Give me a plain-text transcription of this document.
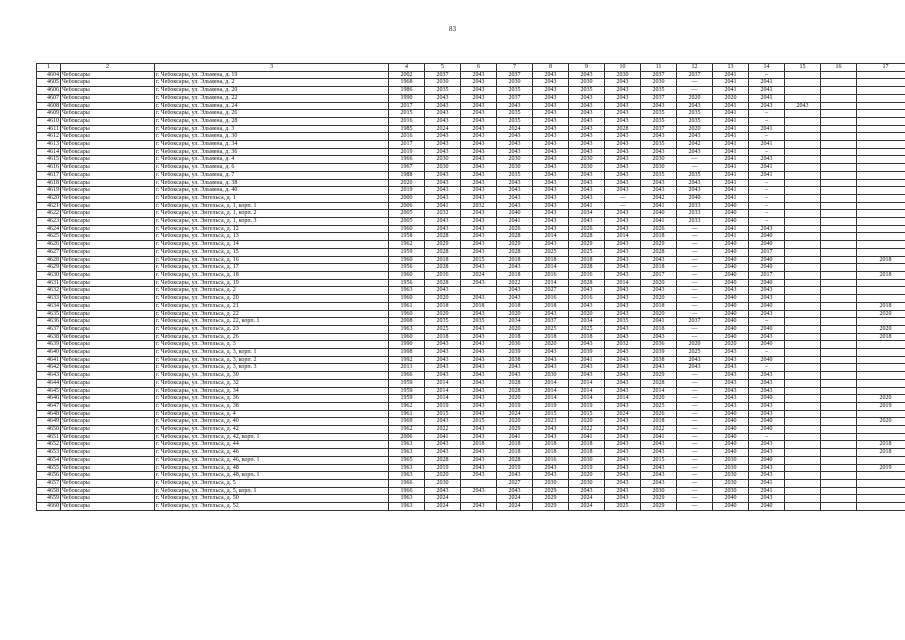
83
1	2	3	4	5	6	7	8	9	10	11	12	13	14	15	16	17
4604	Чебоксары	г. Чебоксары, ул. Эльмена, д. 19	2002	2037	2043	2037	2043	2043	2030	2037	2037	2041	–			
4605	Чебоксары	г. Чебоксары, ул. Эльмена, д. 2	1968	2030	2043	2030	2043	2030	2043	2030	—	2041	2041			
4606	Чебоксары	г. Чебоксары, ул. Эльмена, д. 20	1986	2035	2043	2035	2043	2035	2043	2035	—	2041	2041			
4607	Чебоксары	г. Чебоксары, ул. Эльмена, д. 22	1990	2043	2043	2037	2043	2043	2043	2037	2020	2020	2041			
4608	Чебоксары	г. Чебоксары, ул. Эльмена, д. 24	2017	2043	2043	2043	2043	2043	2043	2043	2043	2041	2043	2043		
4609	Чебоксары	г. Чебоксары, ул. Эльмена, д. 26	2015	2043	2043	2035	2043	2043	2043	2035	2035	2041	–			
4610	Чебоксары	г. Чебоксары, ул. Эльмена, д. 28	2016	2043	2043	2035	2043	2043	2043	2035	2035	2041	–			
4611	Чебоксары	г. Чебоксары, ул. Эльмена, д. 3	1985	2024	2043	2024	2043	2043	2028	2037	2020	2041	2041			
4612	Чебоксары	г. Чебоксары, ул. Эльмена, д. 30	2016	2043	2043	2043	2043	2043	2043	2043	2043	2041	–			
4613	Чебоксары	г. Чебоксары, ул. Эльмена, д. 34	2017	2043	2043	2043	2043	2043	2043	2035	2042	2041	2041			
4614	Чебоксары	г. Чебоксары, ул. Эльмена, д. 36	2019	2043	2043	2043	2043	2043	2043	2043	2043	2041	–			
4615	Чебоксары	г. Чебоксары, ул. Эльмена, д. 4	1966	2030	2043	2030	2043	2030	2043	2030	—	2041	2043			
4616	Чебоксары	г. Чебоксары, ул. Эльмена, д. 6	1967	2030	2043	2030	2043	2030	2043	2030	—	2041	2041			
4617	Чебоксары	г. Чебоксары, ул. Эльмена, д. 7	1988	2043	2043	2035	2043	2043	2043	2035	2035	2041	2041			
4618	Чебоксары	г. Чебоксары, ул. Эльмена, д. 38	2020	2043	2043	2043	2043	2043	2043	2043	2043	2041	–			
4619	Чебоксары	г. Чебоксары, ул. Эльмена, д. 40	2019	2043	2043	2043	2043	2043	2043	2043	2043	2041	–			
4620	Чебоксары	г. Чебоксары, ул. Энгельса, д. 1	2000	2043	2043	2043	2043	2043	—	2042	2040	2041	–			
4621	Чебоксары	г. Чебоксары, ул. Энгельса, д. 1, корп. 1	2006	2041	2032	2043	2043	2041	—	2041	2033	2040	–			
4622	Чебоксары	г. Чебоксары, ул. Энгельса, д. 1, корп. 2	2005	2032	2043	2040	2043	2034	2043	2040	2033	2040	–			
4623	Чебоксары	г. Чебоксары, ул. Энгельса, д. 1, корп. 3	2005	2043	2043	2041	2043	2043	2043	2041	2033	2040	–			
4624	Чебоксары	г. Чебоксары, ул. Энгельса, д. 12	1960	2043	2043	2026	2043	2026	2043	2026	—	2041	2043			
4625	Чебоксары	г. Чебоксары, ул. Энгельса, д. 13	1958	2028	2043	2028	2014	2028	2014	2018	—	2041	2040			
4626	Чебоксары	г. Чебоксары, ул. Энгельса, д. 14	1962	2029	2043	2029	2043	2029	2043	2029	—	2040	2040			
4627	Чебоксары	г. Чебоксары, ул. Энгельса, д. 15	1959	2028	2043	2028	2025	2025	2043	2028	—	2040	2017			
4628	Чебоксары	г. Чебоксары, ул. Энгельса, д. 16	1960	2018	2015	2018	2018	2018	2043	2043	—	2040	2040			2018
4629	Чебоксары	г. Чебоксары, ул. Энгельса, д. 17	1956	2028	2043	2043	2014	2028	2043	2018	—	2040	2040			
4630	Чебоксары	г. Чебоксары, ул. Энгельса, д. 18	1960	2016	2024	2018	2016	2016	2043	2017	—	2040	2017			2018
4631	Чебоксары	г. Чебоксары, ул. Энгельса, д. 19	1956	2028	2043	2022	2014	2028	2014	2020	—	2040	2040			
4632	Чебоксары	г. Чебоксары, ул. Энгельса, д. 2	1963	2043		2043	2027	2043	2043	2043	—	2043	2043			
4633	Чебоксары	г. Чебоксары, ул. Энгельса, д. 20	1960	2020	2043	2043	2016	2016	2043	2020	—	2040	2043			
4634	Чебоксары	г. Чебоксары, ул. Энгельса, д. 21	1961	2018	2018	2018	2018	2043	2043	2018	—	2040	2040			2018
4635	Чебоксары	г. Чебоксары, ул. Энгельса, д. 22	1960	2020	2043	2020	2043	2020	2043	2020	—	2040	2043			2020
4636	Чебоксары	г. Чебоксары, ул. Энгельса, д. 22, корп. 1	2008	2035	2035	2034	2037	2034	2035	2041	2037	2040	–			
4637	Чебоксары	г. Чебоксары, ул. Энгельса, д. 23	1963	2025	2043	2020	2025	2025	2043	2018	—	2040	2040			2020
4638	Чебоксары	г. Чебоксары, ул. Энгельса, д. 26	1960	2018	2043	2018	2018	2018	2043	2043	—	2040	2043			2018
4639	Чебоксары	г. Чебоксары, ул. Энгельса, д. 3	1990	2043	2043	2036	2020	2043	2032	2036	2020	2020	2040			
4640	Чебоксары	г. Чебоксары, ул. Энгельса, д. 3, корп. 1	1998	2043	2043	2039	2043	2039	2043	2039	2025	2043	–			
4641	Чебоксары	г. Чебоксары, ул. Энгельса, д. 3, корп. 2	1992	2043	2043	2038	2043	2041	2043	2038	2043	2043	2040			
4642	Чебоксары	г. Чебоксары, ул. Энгельса, д. 3, корп. 3	2013	2043	2043	2043	2043	2043	2043	2043	2043	2043	–			
4643	Чебоксары	г. Чебоксары, ул. Энгельса, д. 30	1966	2043	2043	2043	2030	2043	2043	2029	—	2043	2043			
4644	Чебоксары	г. Чебоксары, ул. Энгельса, д. 32	1959	2014	2043	2028	2014	2014	2043	2028	—	2043	2043			
4645	Чебоксары	г. Чебоксары, ул. Энгельса, д. 34	1959	2014	2043	2028	2014	2014	2043	2014	—	2043	2043			
4646	Чебоксары	г. Чебоксары, ул. Энгельса, д. 36	1959	2014	2043	2020	2014	2014	2014	2020	—	2043	2040			2020
4647	Чебоксары	г. Чебоксары, ул. Энгельса, д. 38	1962	2019	2043	2019	2019	2019	2043	2025	—	2043	2043			2019
4648	Чебоксары	г. Чебоксары, ул. Энгельса, д. 4	1961	2015	2043	2024	2015	2015	2024	2026	—	2040	2043			
4649	Чебоксары	г. Чебоксары, ул. Энгельса, д. 40	1969	2043	2015	2020	2023	2020	2043	2018	—	2040	2040			2020
4650	Чебоксары	г. Чебоксары, ул. Энгельса, д. 42	1962	2022	2043	2029	2043	2022	2043	2022	—	2040	2040			
4651	Чебоксары	г. Чебоксары, ул. Энгельса, д. 42, корп. 1	2006	2041	2043	2041	2043	2041	2043	2041	—	2040	–			
4652	Чебоксары	г. Чебоксары, ул. Энгельса, д. 44	1963	2043	2018	2018	2018	2018	2043	2043	—	2040	2043			2018
4653	Чебоксары	г. Чебоксары, ул. Энгельса, д. 46	1963	2043	2043	2018	2018	2018	2043	2043	—	2040	2043			2018
4654	Чебоксары	г. Чебоксары, ул. Энгельса, д. 46, корп. 1	1965	2028	2043	2028	2016	2030	2043	2015	—	2030	2040			
4655	Чебоксары	г. Чебоксары, ул. Энгельса, д. 48	1963	2019	2043	2019	2043	2019	2043	2043	—	2030	2043			2019
4656	Чебоксары	г. Чебоксары, ул. Энгельса, д. 48, корп. 1	1963	2020	2043	2043	2043	2020	2043	2043	—	2030	2043			
4657	Чебоксары	г. Чебоксары, ул. Энгельса, д. 5	1966	2030		2027	2030	2030	2043	2043	—	2030	2041			
4658	Чебоксары	г. Чебоксары, ул. Энгельса, д. 5, корп. 1	1966	2043	2043	2043	2029	2043	2043	2030	—	2030	2041			
4659	Чебоксары	г. Чебоксары, ул. Энгельса, д. 50	1963	2024		2024	2029	2024	2043	2029	—	2040	2043			
4660	Чебоксары	г. Чебоксары, ул. Энгельса, д. 52	1963	2024	2043	2024	2029	2024	2025	2029	—	2040	2040			
